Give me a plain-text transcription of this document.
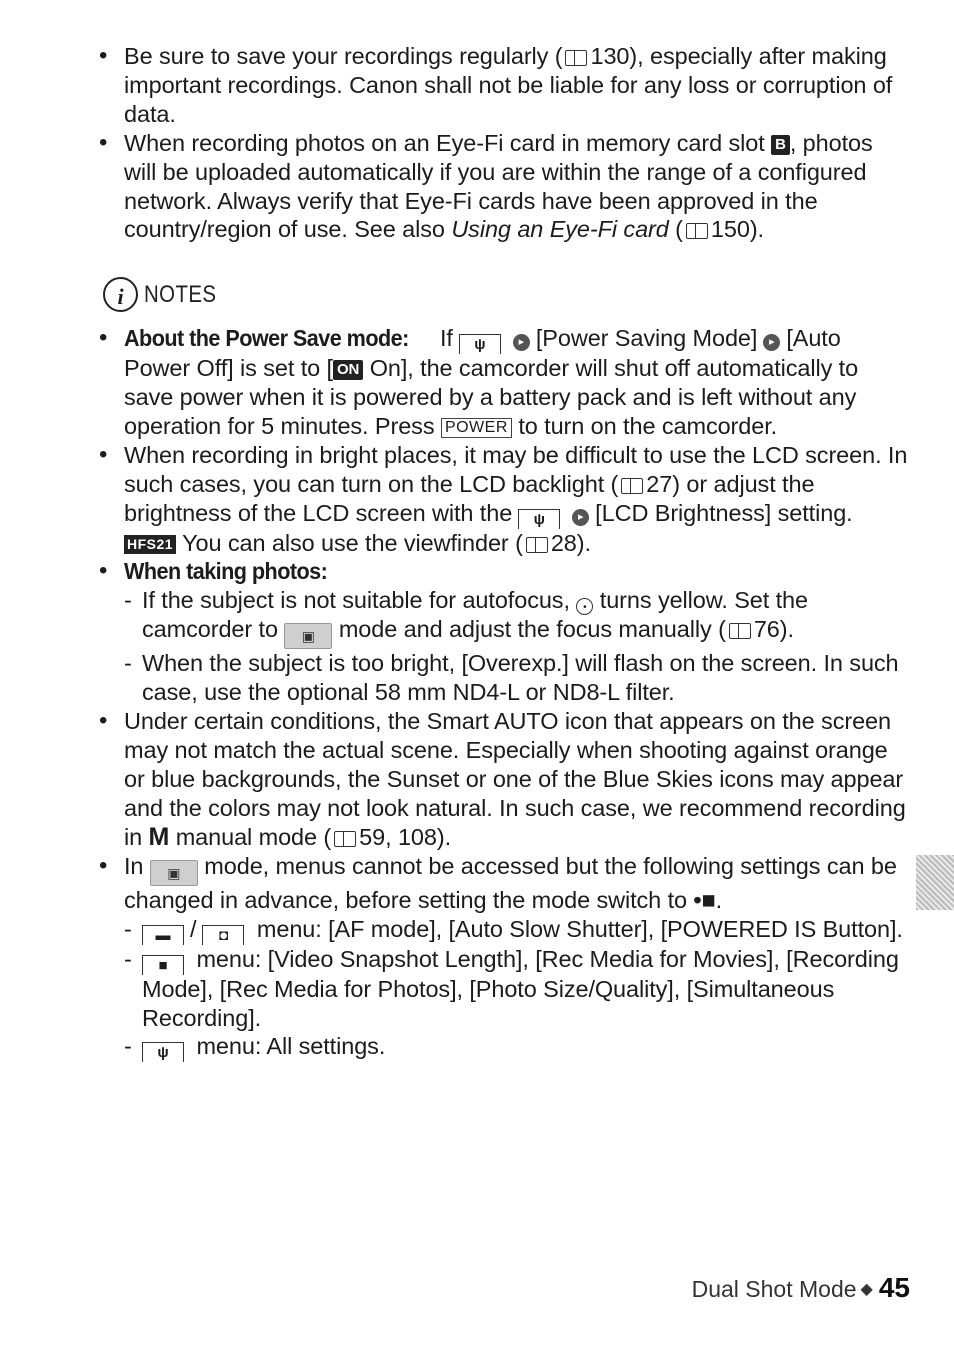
• Be sure to save your recordings regularly ( 130), especially after making important recordings. Canon shall not be liable for any loss or corruption of data.
• When recording photos on an Eye-Fi card in memory card slot B , photos will be uploaded automatically if you are within the range of a configured network. Always verify that Eye-Fi cards have been approved in the country/region of use. See also Using an Eye-Fi card ( 150).
i NOTES
• About the Power Save mode: If ψ	▸ [Power Saving Mode] ▸ [Auto Power Off] is set to [ ON On], the camcorder will shut off automatically to save power when it is powered by a battery pack and is left without any operation for 5 minutes. Press POWER to turn on the camcorder.
• When recording in bright places, it may be difficult to use the LCD screen. In such cases, you can turn on the LCD backlight ( 27) or adjust the brightness of the LCD screen with the ψ	▸ [LCD Brightness] setting. HFS21 You can also use the viewfinder ( 28).
• When taking photos:
- If the subject is not suitable for autofocus, • turns yellow. Set the camcorder to ▣ mode and adjust the focus manually ( 76).
- When the subject is too bright, [Overexp.] will flash on the screen. In such case, use the optional 58 mm ND4-L or ND8-L filter.
• Under certain conditions, the Smart AUTO icon that appears on the screen may not match the actual scene. Especially when shooting against orange or blue backgrounds, the Sunset or one of the Blue Skies icons may appear and the colors may not look natural. In such case, we recommend recording in M manual mode ( 59, 108).
• In ▣ mode, menus cannot be accessed but the following settings can be changed in advance, before setting the mode switch to •■.
- ▬ / ◘ menu: [AF mode], [Auto Slow Shutter], [POWERED IS Button].
- ■ menu: [Video Snapshot Length], [Rec Media for Movies], [Recording Mode], [Rec Media for Photos], [Photo Size/Quality], [Simultaneous Recording].
- ψ menu: All settings.
Dual Shot Mode ◆ 45
